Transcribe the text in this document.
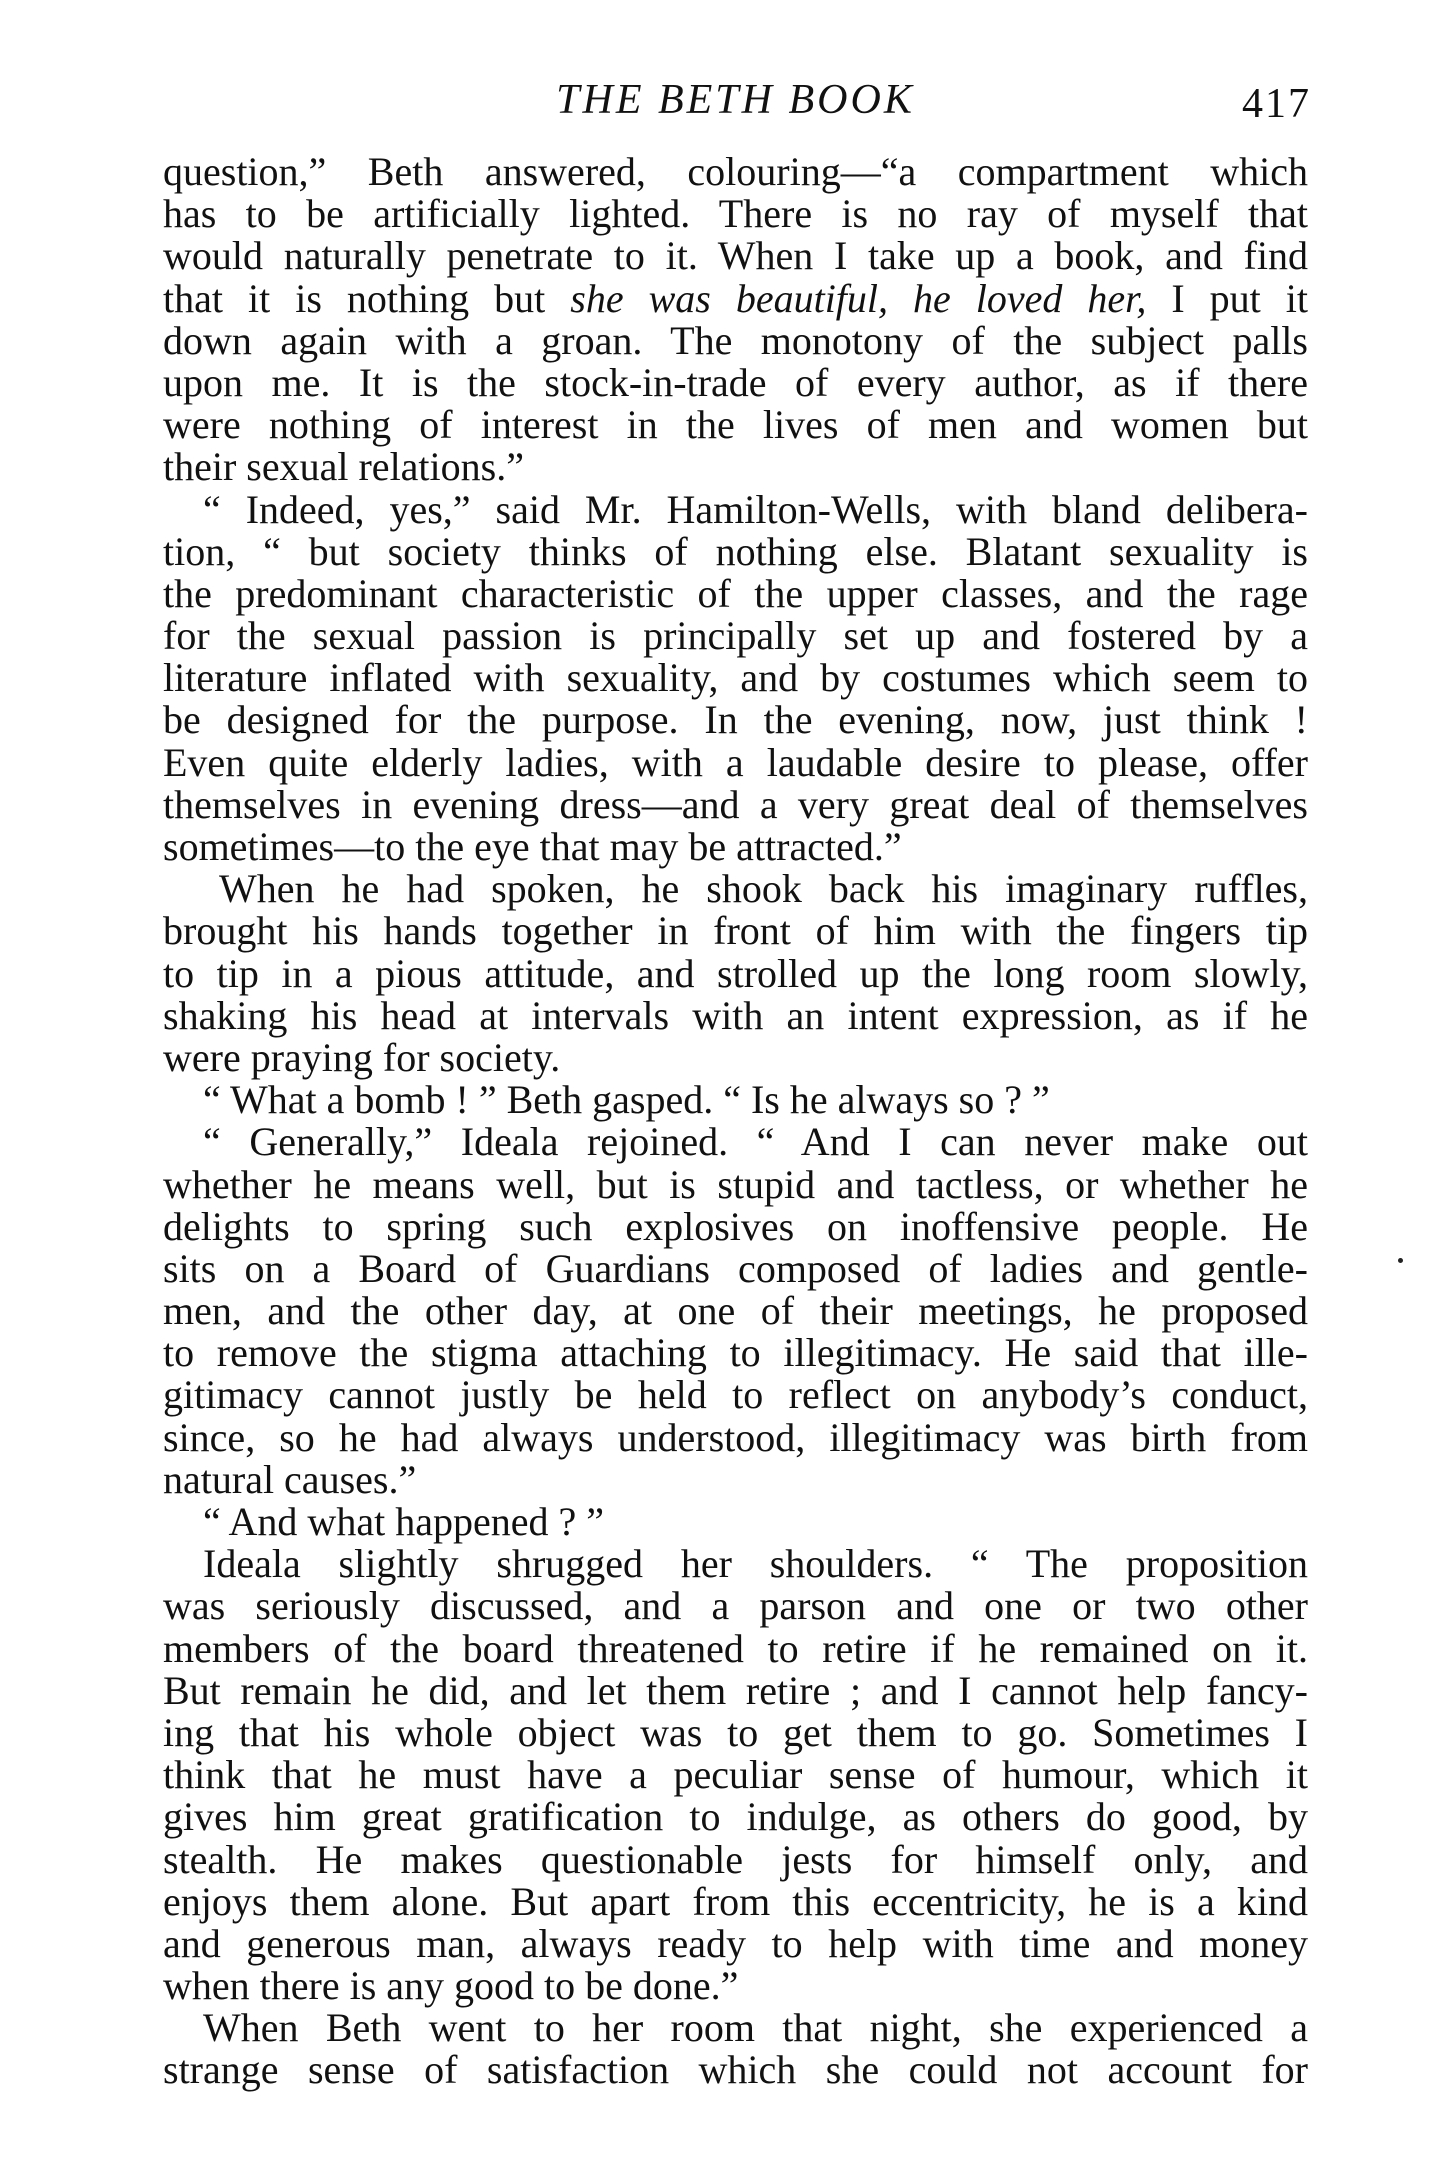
THE BETH BOOK	417
question,” Beth answered, colouring—“a compartment which
has to be artificially lighted. There is no ray of myself that
would naturally penetrate to it. When I take up a book, and find
that it is nothing but she was beautiful, he loved her, I put it
down again with a groan. The monotony of the subject palls
upon me. It is the stock-in-trade of every author, as if there
were nothing of interest in the lives of men and women but
their sexual relations.”
“ Indeed, yes,” said Mr. Hamilton-Wells, with bland delibera-
tion, “ but society thinks of nothing else. Blatant sexuality is
the predominant characteristic of the upper classes, and the rage
for the sexual passion is principally set up and fostered by a
literature inflated with sexuality, and by costumes which seem to
be designed for the purpose. In the evening, now, just think !
Even quite elderly ladies, with a laudable desire to please, offer
themselves in evening dress—and a very great deal of themselves
sometimes—to the eye that may be attracted.”
When he had spoken, he shook back his imaginary ruffles,
brought his hands together in front of him with the fingers tip
to tip in a pious attitude, and strolled up the long room slowly,
shaking his head at intervals with an intent expression, as if he
were praying for society.
“ What a bomb ! ” Beth gasped. “ Is he always so ? ”
“ Generally,” Ideala rejoined. “ And I can never make out
whether he means well, but is stupid and tactless, or whether he
delights to spring such explosives on inoffensive people. He
sits on a Board of Guardians composed of ladies and gentle-
men, and the other day, at one of their meetings, he proposed
to remove the stigma attaching to illegitimacy. He said that ille-
gitimacy cannot justly be held to reflect on anybody’s conduct,
since, so he had always understood, illegitimacy was birth from
natural causes.”
“ And what happened ? ”
Ideala slightly shrugged her shoulders. “ The proposition
was seriously discussed, and a parson and one or two other
members of the board threatened to retire if he remained on it.
But remain he did, and let them retire ; and I cannot help fancy-
ing that his whole object was to get them to go. Sometimes I
think that he must have a peculiar sense of humour, which it
gives him great gratification to indulge, as others do good, by
stealth. He makes questionable jests for himself only, and
enjoys them alone. But apart from this eccentricity, he is a kind
and generous man, always ready to help with time and money
when there is any good to be done.”
When Beth went to her room that night, she experienced a
strange sense of satisfaction which she could not account for
